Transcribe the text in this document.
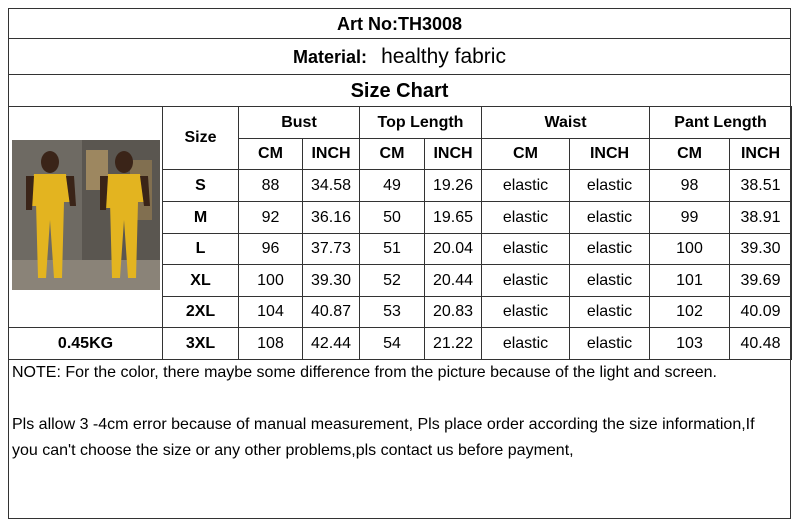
Art No:TH3008
Material: healthy fabric
Size Chart
	Size	Bust		Top Length		Waist		Pant Length	
		CM	INCH	CM	INCH	CM	INCH	CM	INCH
	S	88	34.58	49	19.26	elastic	elastic	98	38.51
	M	92	36.16	50	19.65	elastic	elastic	99	38.91
	L	96	37.73	51	20.04	elastic	elastic	100	39.30
	XL	100	39.30	52	20.44	elastic	elastic	101	39.69
	2XL	104	40.87	53	20.83	elastic	elastic	102	40.09
0.45KG	3XL	108	42.44	54	21.22	elastic	elastic	103	40.48

NOTE: For the color, there maybe some difference from the picture because of the light and screen.

Pls allow 3 -4cm error because of manual measurement, Pls place order according the size information,If you can't choose the size or any other problems,pls contact us before payment,
